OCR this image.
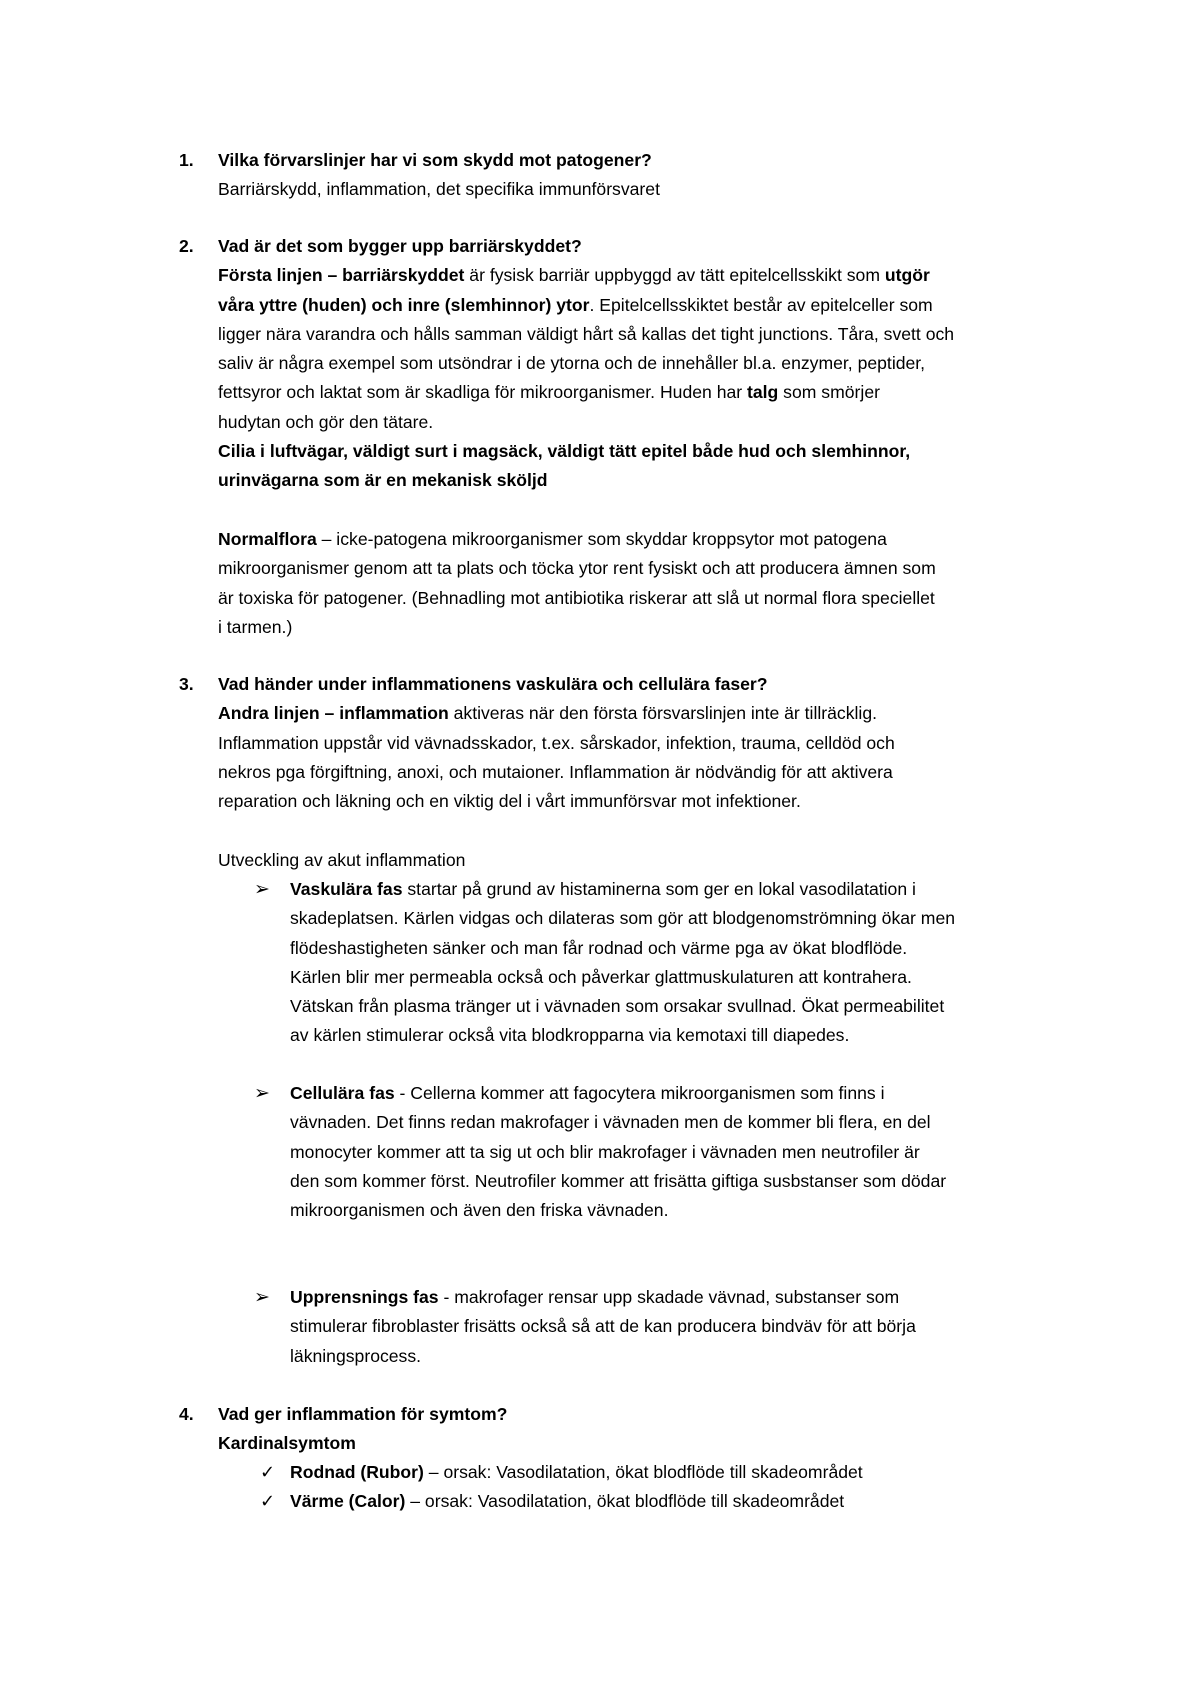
1. Vilka förvarslinjer har vi som skydd mot patogener?
Barriärskydd, inflammation, det specifika immunförsvaret
2. Vad är det som bygger upp barriärskyddet?
Första linjen – barriärskyddet är fysisk barriär uppbyggd av tätt epitelcellsskikt som utgör
våra yttre (huden) och inre (slemhinnor) ytor. Epitelcellsskiktet består av epitelceller som
ligger nära varandra och hålls samman väldigt hårt så kallas det tight junctions. Tåra, svett och
saliv är några exempel som utsöndrar i de ytorna och de innehåller bl.a. enzymer, peptider,
fettsyror och laktat som är skadliga för mikroorganismer. Huden har talg som smörjer
hudytan och gör den tätare.
Cilia i luftvägar, väldigt surt i magsäck, väldigt tätt epitel både hud och slemhinnor,
urinvägarna som är en mekanisk sköljd

Normalflora – icke-patogena mikroorganismer som skyddar kroppsytor mot patogena
mikroorganismer genom att ta plats och töcka ytor rent fysiskt och att producera ämnen som
är toxiska för patogener. (Behnadling mot antibiotika riskerar att slå ut normal flora speciellet
i tarmen.)
3. Vad händer under inflammationens vaskulära och cellulära faser?
Andra linjen – inflammation aktiveras när den första försvarslinjen inte är tillräcklig.
Inflammation uppstår vid vävnadsskador, t.ex. sårskador, infektion, trauma, celldöd och
nekros pga förgiftning, anoxi, och mutaioner. Inflammation är nödvändig för att aktivera
reparation och läkning och en viktig del i vårt immunförsvar mot infektioner.

Utveckling av akut inflammation
➢ Vaskulära fas startar på grund av histaminerna som ger en lokal vasodilatation i
skadeplatsen. Kärlen vidgas och dilateras som gör att blodgenomströmning ökar men
flödeshastigheten sänker och man får rodnad och värme pga av ökat blodflöde.
Kärlen blir mer permeabla också och påverkar glattmuskulaturen att kontrahera.
Vätskan från plasma tränger ut i vävnaden som orsakar svullnad. Ökat permeabilitet
av kärlen stimulerar också vita blodkropparna via kemotaxi till diapedes.
➢ Cellulära fas - Cellerna kommer att fagocytera mikroorganismen som finns i
vävnaden. Det finns redan makrofager i vävnaden men de kommer bli flera, en del
monocyter kommer att ta sig ut och blir makrofager i vävnaden men neutrofiler är
den som kommer först. Neutrofiler kommer att frisätta giftiga susbstanser som dödar
mikroorganismen och även den friska vävnaden.
➢ Upprensnings fas - makrofager rensar upp skadade vävnad, substanser som
stimulerar fibroblaster frisätts också så att de kan producera bindväv för att börja
läkningsprocess.
4. Vad ger inflammation för symtom?
Kardinalsymtom
✓ Rodnad (Rubor) – orsak: Vasodilatation, ökat blodflöde till skadeområdet
✓ Värme (Calor) – orsak: Vasodilatation, ökat blodflöde till skadeområdet
